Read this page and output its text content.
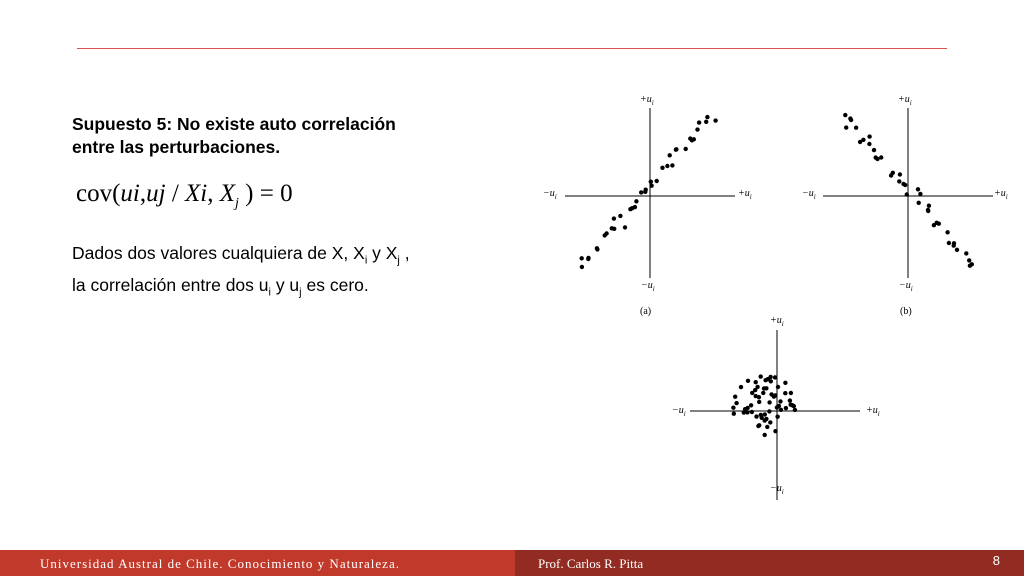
Supuesto 5: No existe auto correlación
entre las perturbaciones.
cov(ui,uj / Xi, $X_j$ ) = 0

Dados dos valores cualquiera de X, $X_i$ y $X_j$ ,
la correlación entre dos $u_i$ y $u_j$ es cero.

$+u_i$
$-u_i$	$+u_i$
$-u_i$
(a)
$+u_i$
$-u_i$	$+u_i$
$-u_i$
(b)
$+u_i$
$-u_i$	$+u_i$
$-u_i$
Universidad Austral de Chile. Conocimiento y Naturaleza.	Prof. Carlos R. Pitta	8
